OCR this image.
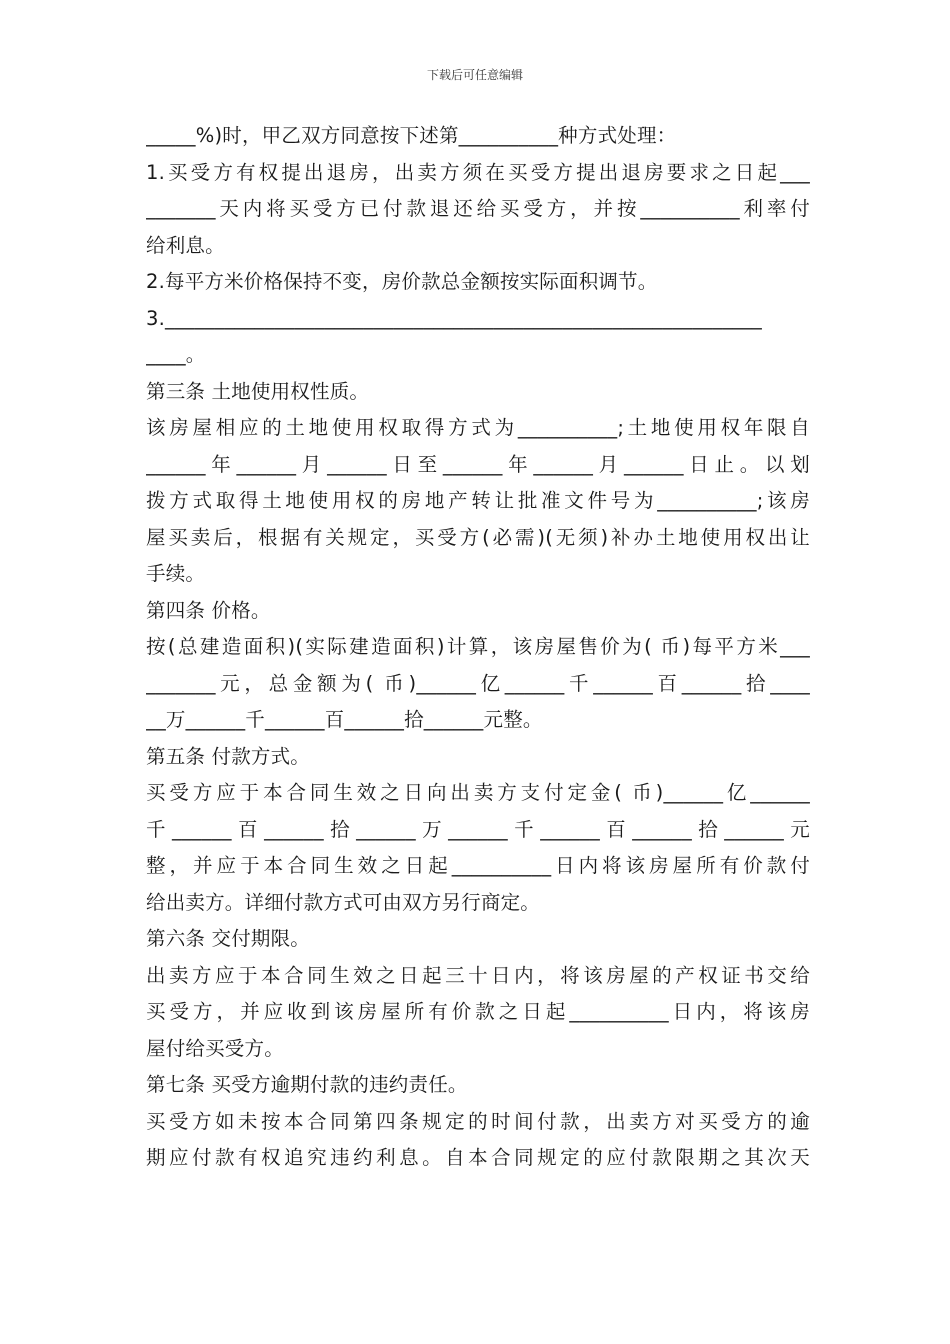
下载后可任意编辑
_____%)时，甲乙双方同意按下述第__________种方式处理：
1.买受方有权提出退房，出卖方须在买受方提出退房要求之日起___
_______天内将买受方已付款退还给买受方，并按__________利率付
给利息。
2.每平方米价格保持不变，房价款总金额按实际面积调节。
3.____________________________________________________________
____。
第三条 土地使用权性质。
该房屋相应的土地使用权取得方式为__________;土地使用权年限自
______年______月______日至______年______月______日止。以划
拨方式取得土地使用权的房地产转让批准文件号为__________;该房
屋买卖后，根据有关规定，买受方(必需)(无须)补办土地使用权出让
手续。
第四条 价格。
按(总建造面积)(实际建造面积)计算，该房屋售价为( 币)每平方米___
_______元，总金额为( 币)______亿______千______百______拾____
__万______千______百______拾______元整。
第五条 付款方式。
买受方应于本合同生效之日向出卖方支付定金( 币)______亿______
千______百______拾______万______千______百______拾______元
整，并应于本合同生效之日起__________日内将该房屋所有价款付
给出卖方。详细付款方式可由双方另行商定。
第六条 交付期限。
出卖方应于本合同生效之日起三十日内，将该房屋的产权证书交给
买受方，并应收到该房屋所有价款之日起__________日内，将该房
屋付给买受方。
第七条 买受方逾期付款的违约责任。
买受方如未按本合同第四条规定的时间付款，出卖方对买受方的逾
期应付款有权追究违约利息。自本合同规定的应付款限期之其次天
